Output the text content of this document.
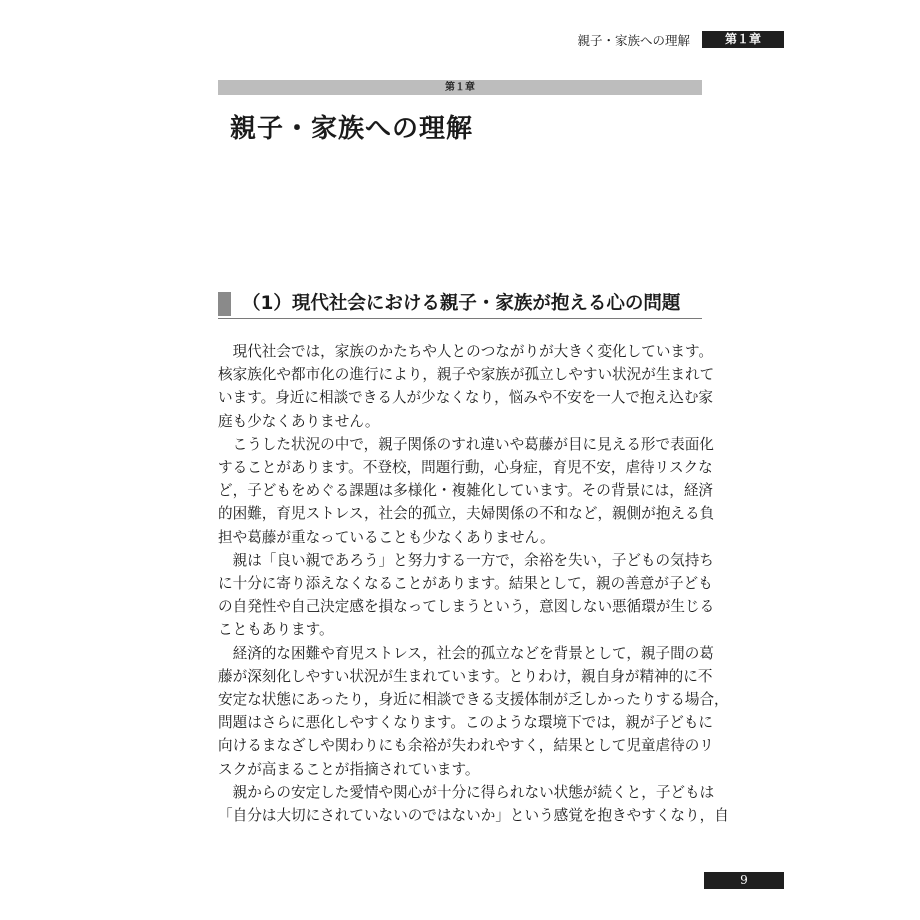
親子・家族への理解	第１章
第１章
親子・家族への理解
（1）現代社会における親子・家族が抱える心の問題

現代社会では，家族のかたちや人とのつながりが大きく変化しています。
核家族化や都市化の進行により，親子や家族が孤立しやすい状況が生まれて
います。身近に相談できる人が少なくなり，悩みや不安を一人で抱え込む家
庭も少なくありません。

こうした状況の中で，親子関係のすれ違いや葛藤が目に見える形で表面化
することがあります。不登校，問題行動，心身症，育児不安，虐待リスクな
ど，子どもをめぐる課題は多様化・複雑化しています。その背景には，経済
的困難，育児ストレス，社会的孤立，夫婦関係の不和など，親側が抱える負
担や葛藤が重なっていることも少なくありません。

親は「良い親であろう」と努力する一方で，余裕を失い，子どもの気持ち
に十分に寄り添えなくなることがあります。結果として，親の善意が子ども
の自発性や自己決定感を損なってしまうという，意図しない悪循環が生じる
こともあります。

経済的な困難や育児ストレス，社会的孤立などを背景として，親子間の葛
藤が深刻化しやすい状況が生まれています。とりわけ，親自身が精神的に不
安定な状態にあったり，身近に相談できる支援体制が乏しかったりする場合，
問題はさらに悪化しやすくなります。このような環境下では，親が子どもに
向けるまなざしや関わりにも余裕が失われやすく，結果として児童虐待のリ
スクが高まることが指摘されています。

親からの安定した愛情や関心が十分に得られない状態が続くと，子どもは
「自分は大切にされていないのではないか」という感覚を抱きやすくなり，自

9
